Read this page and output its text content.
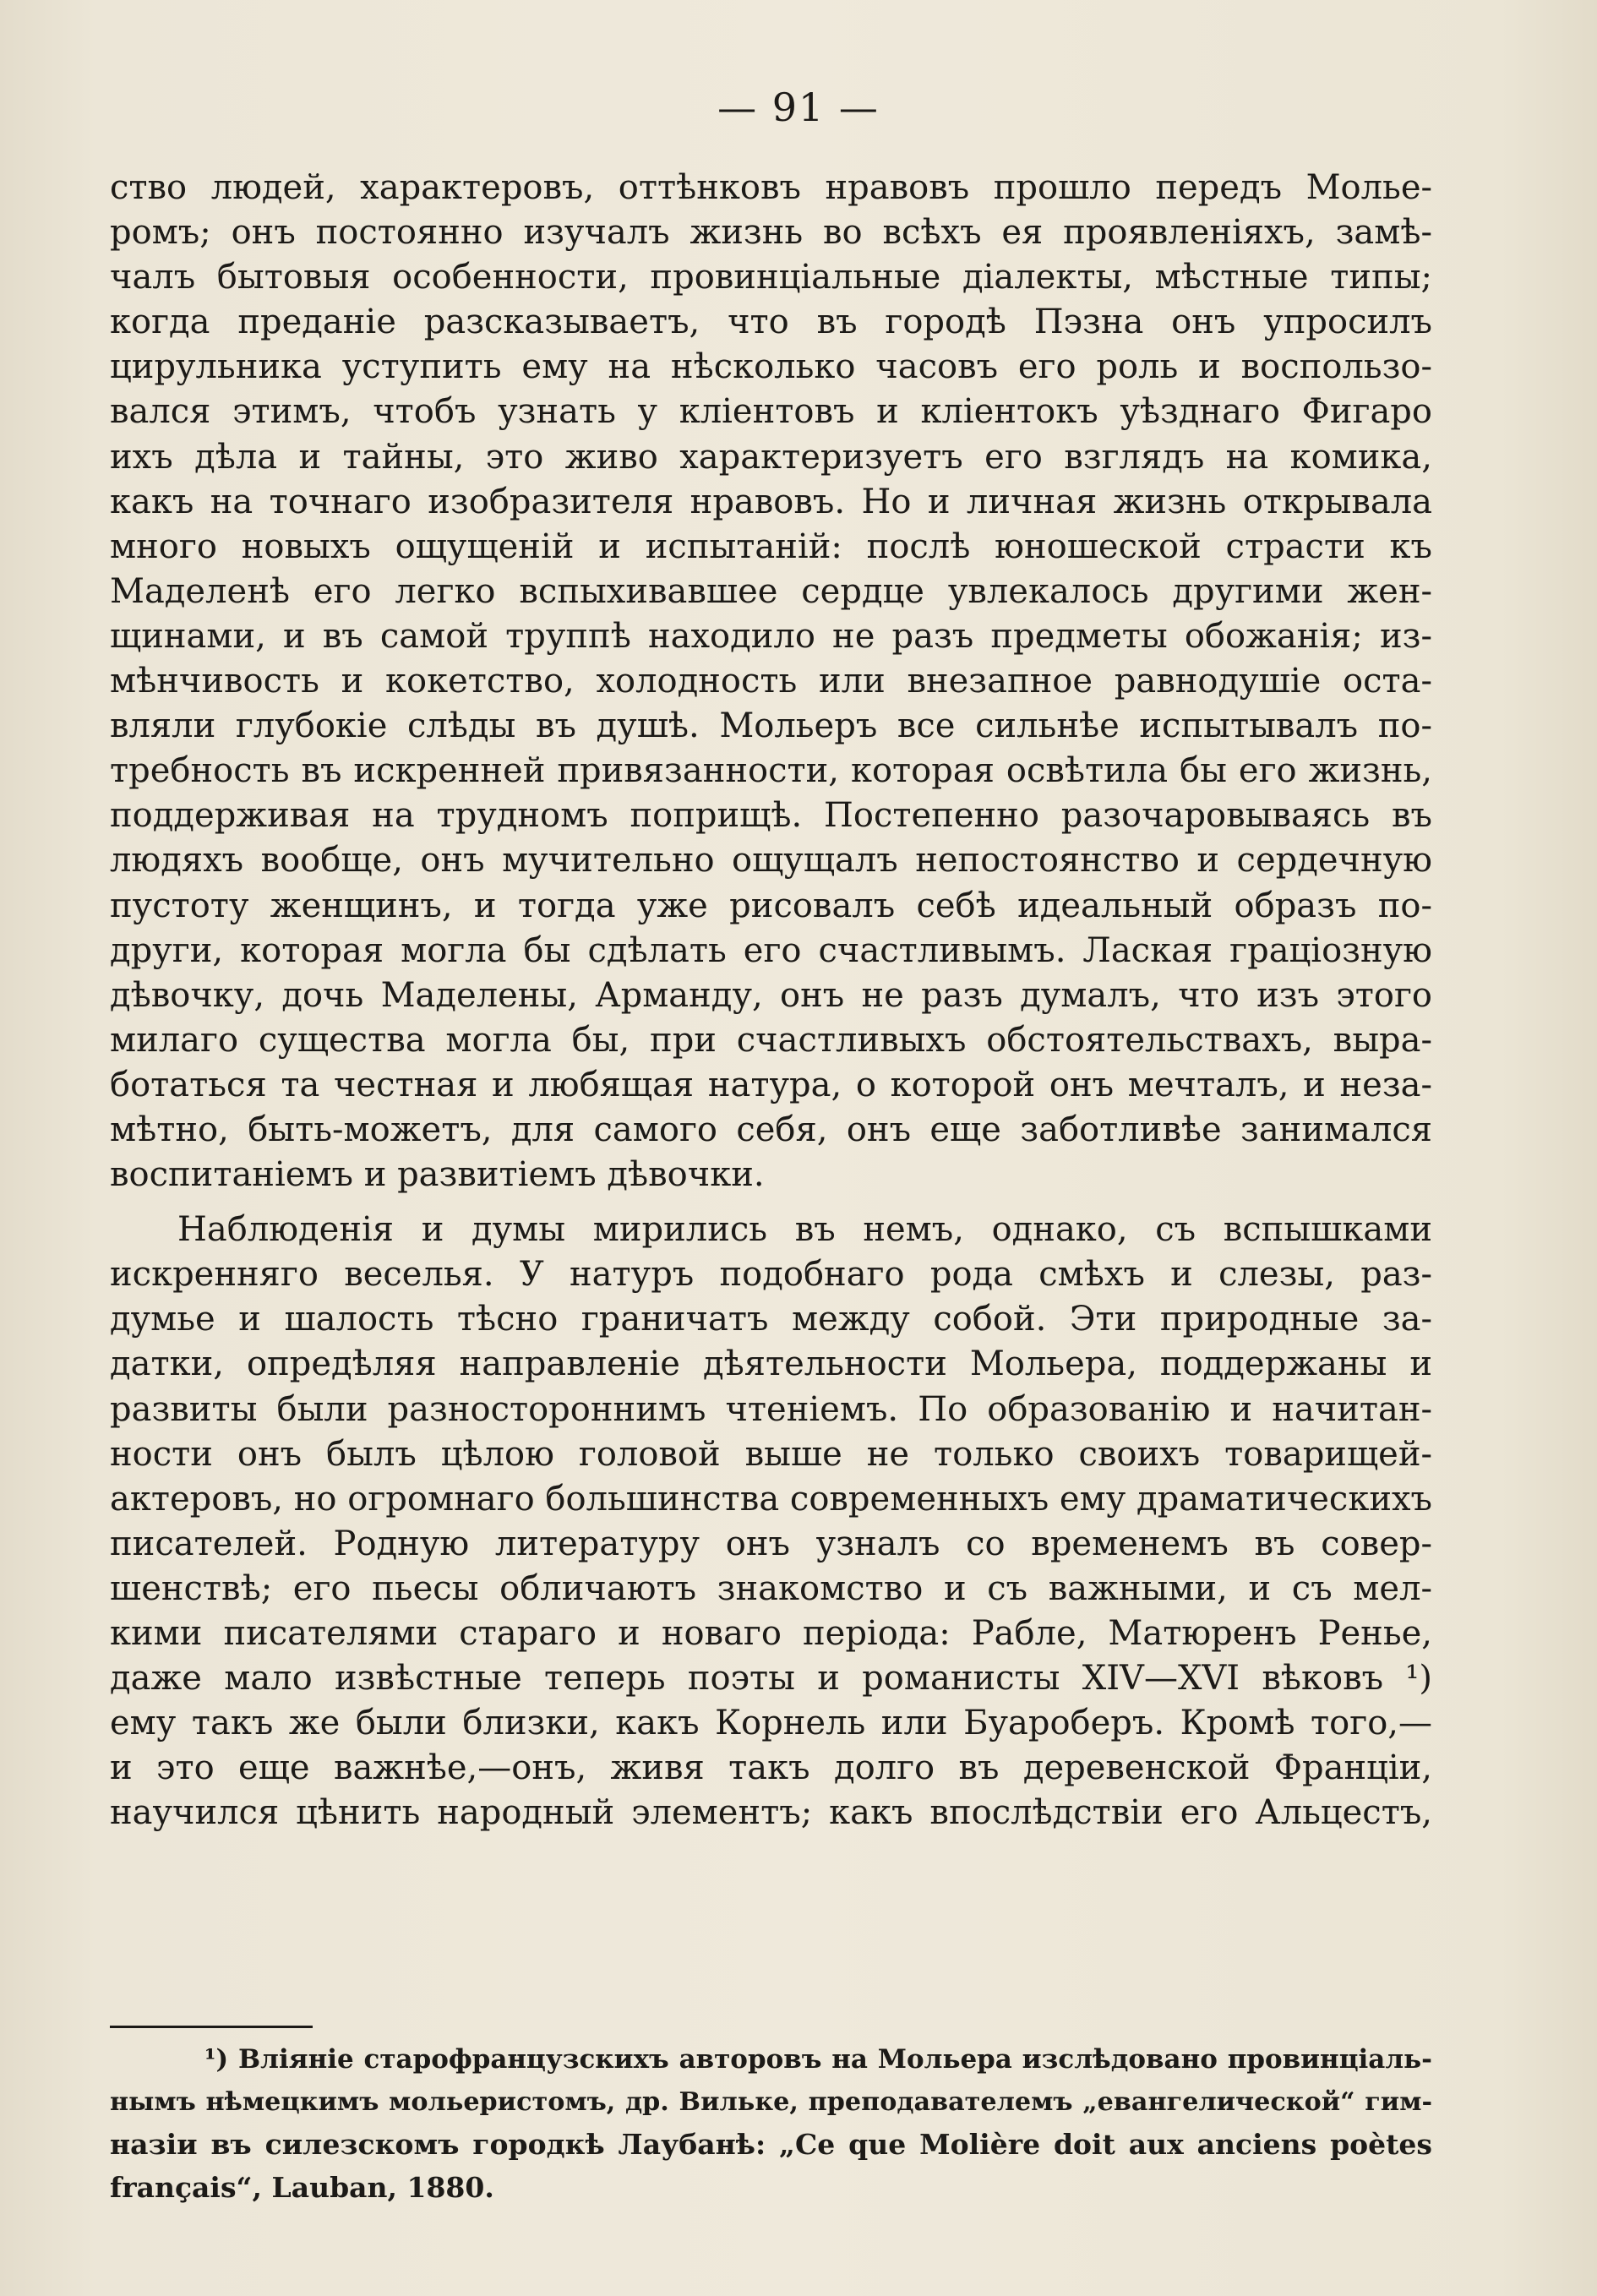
— 91 —
ство людей, характеровъ, оттѣнковъ нравовъ прошло передъ Молье-
ромъ; онъ постоянно изучалъ жизнь во всѣхъ ея проявленіяхъ, замѣ-
чалъ бытовыя особенности, провинціальные діалекты, мѣстные типы;
когда преданіе разсказываетъ, что въ городѣ Пэзна онъ упросилъ
цирульника уступить ему на нѣсколько часовъ его роль и воспользо-
вался этимъ, чтобъ узнать у кліентовъ и кліентокъ уѣзднаго Фигаро
ихъ дѣла и тайны, это живо характеризуетъ его взглядъ на комика,
какъ на точнаго изобразителя нравовъ. Но и личная жизнь открывала
много новыхъ ощущеній и испытаній: послѣ юношеской страсти къ
Маделенѣ его легко вспыхивавшее сердце увлекалось другими жен-
щинами, и въ самой труппѣ находило не разъ предметы обожанія; из-
мѣнчивость и кокетство, холодность или внезапное равнодушіе оста-
вляли глубокіе слѣды въ душѣ. Мольеръ все сильнѣе испытывалъ по-
требность въ искренней привязанности, которая освѣтила бы его жизнь,
поддерживая на трудномъ поприщѣ. Постепенно разочаровываясь въ
людяхъ вообще, онъ мучительно ощущалъ непостоянство и сердечную
пустоту женщинъ, и тогда уже рисовалъ себѣ идеальный образъ по-
други, которая могла бы сдѣлать его счастливымъ. Лаская граціозную
дѣвочку, дочь Маделены, Арманду, онъ не разъ думалъ, что изъ этого
милаго существа могла бы, при счастливыхъ обстоятельствахъ, выра-
ботаться та честная и любящая натура, о которой онъ мечталъ, и неза-
мѣтно, быть-можетъ, для самого себя, онъ еще заботливѣе занимался
воспитаніемъ и развитіемъ дѣвочки.
Наблюденія и думы мирились въ немъ, однако, съ вспышками
искренняго веселья. У натуръ подобнаго рода смѣхъ и слезы, раз-
думье и шалость тѣсно граничатъ между собой. Эти природные за-
датки, опредѣляя направленіе дѣятельности Мольера, поддержаны и
развиты были разностороннимъ чтеніемъ. По образованію и начитан-
ности онъ былъ цѣлою головой выше не только своихъ товарищей-
актеровъ, но огромнаго большинства современныхъ ему драматическихъ
писателей. Родную литературу онъ узналъ со временемъ въ совер-
шенствѣ; его пьесы обличаютъ знакомство и съ важными, и съ мел-
кими писателями стараго и новаго періода: Рабле, Матюренъ Ренье,
даже мало извѣстные теперь поэты и романисты XIV—XVI вѣковъ ¹)
ему такъ же были близки, какъ Корнель или Буароберъ. Кромѣ того,—
и это еще важнѣе,—онъ, живя такъ долго въ деревенской Франціи,
научился цѣнить народный элементъ; какъ впослѣдствіи его Альцестъ,
¹) Вліяніе старофранцузскихъ авторовъ на Мольера изслѣдовано провинціаль-
нымъ нѣмецкимъ мольеристомъ, др. Вильке, преподавателемъ „евангелической“ гим-
назіи въ силезскомъ городкѣ Лаубанѣ: „Ce que Molière doit aux anciens poètes
français“, Lauban, 1880.
